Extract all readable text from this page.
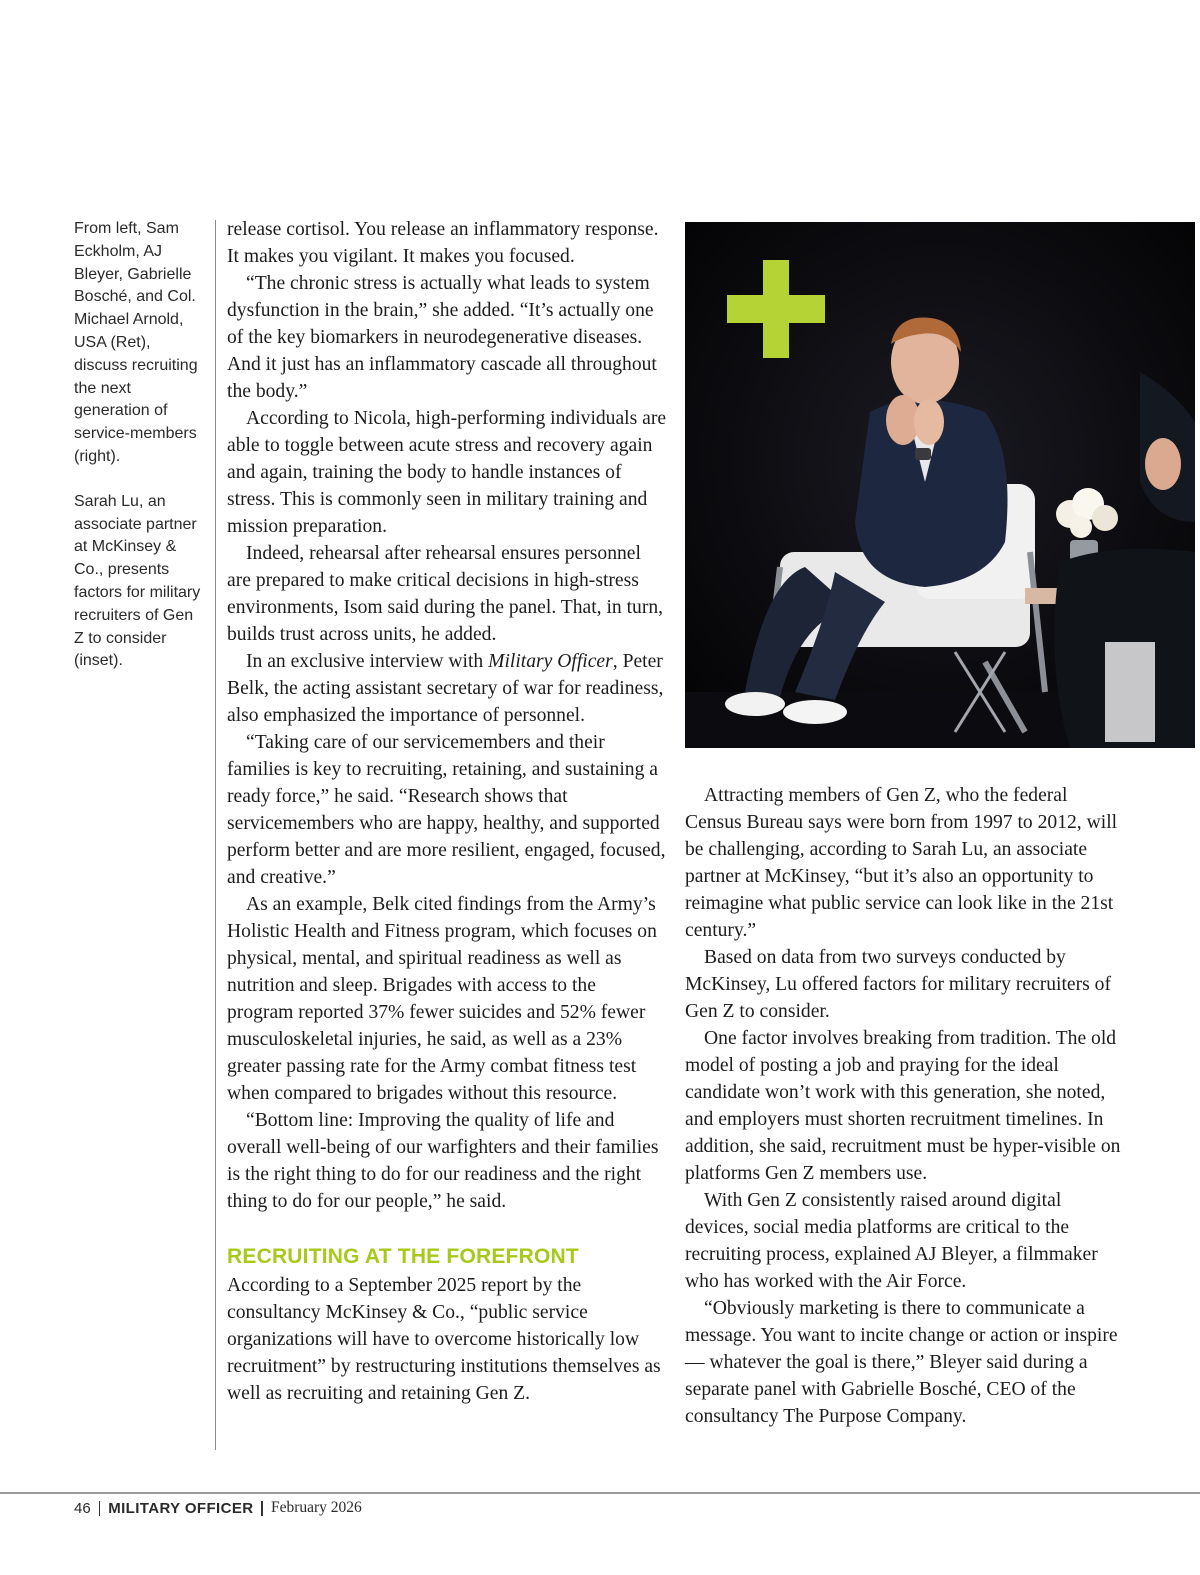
From left, Sam Eckholm, AJ Bleyer, Gabrielle Bosché, and Col. Michael Arnold, USA (Ret), discuss recruiting the next generation of service-members (right).

Sarah Lu, an associate partner at McKinsey & Co., presents factors for military recruiters of Gen Z to consider (inset).

release cortisol. You release an inflammatory response. It makes you vigilant. It makes you focused.

“The chronic stress is actually what leads to system dysfunction in the brain,” she added. “It’s actually one of the key biomarkers in neurodegenerative diseases. And it just has an inflammatory cascade all throughout the body.”

According to Nicola, high-performing individuals are able to toggle between acute stress and recovery again and again, training the body to handle instances of stress. This is commonly seen in military training and mission preparation.

Indeed, rehearsal after rehearsal ensures personnel are prepared to make critical decisions in high-stress environments, Isom said during the panel. That, in turn, builds trust across units, he added.

In an exclusive interview with Military Officer, Peter Belk, the acting assistant secretary of war for readiness, also emphasized the importance of personnel.

“Taking care of our servicemembers and their families is key to recruiting, retaining, and sustaining a ready force,” he said. “Research shows that servicemembers who are happy, healthy, and supported perform better and are more resilient, engaged, focused, and creative.”

As an example, Belk cited findings from the Army’s Holistic Health and Fitness program, which focuses on physical, mental, and spiritual readiness as well as nutrition and sleep. Brigades with access to the program reported 37% fewer suicides and 52% fewer musculoskeletal injuries, he said, as well as a 23% greater passing rate for the Army combat fitness test when compared to brigades without this resource.

“Bottom line: Improving the quality of life and overall well-being of our warfighters and their families is the right thing to do for our readiness and the right thing to do for our people,” he said.

RECRUITING AT THE FOREFRONT

According to a September 2025 report by the consultancy McKinsey & Co., “public service organizations will have to overcome historically low recruitment” by restructuring institutions themselves as well as recruiting and retaining Gen Z.

Attracting members of Gen Z, who the federal Census Bureau says were born from 1997 to 2012, will be challenging, according to Sarah Lu, an associate partner at McKinsey, “but it’s also an opportunity to reimagine what public service can look like in the 21st century.”

Based on data from two surveys conducted by McKinsey, Lu offered factors for military recruiters of Gen Z to consider.

One factor involves breaking from tradition. The old model of posting a job and praying for the ideal candidate won’t work with this generation, she noted, and employers must shorten recruitment timelines. In addition, she said, recruitment must be hyper-visible on platforms Gen Z members use.

With Gen Z consistently raised around digital devices, social media platforms are critical to the recruiting process, explained AJ Bleyer, a filmmaker who has worked with the Air Force.

“Obviously marketing is there to communicate a message. You want to incite change or action or inspire — whatever the goal is there,” Bleyer said during a separate panel with Gabrielle Bosché, CEO of the consultancy The Purpose Company.

46 MILITARY OFFICER February 2026
